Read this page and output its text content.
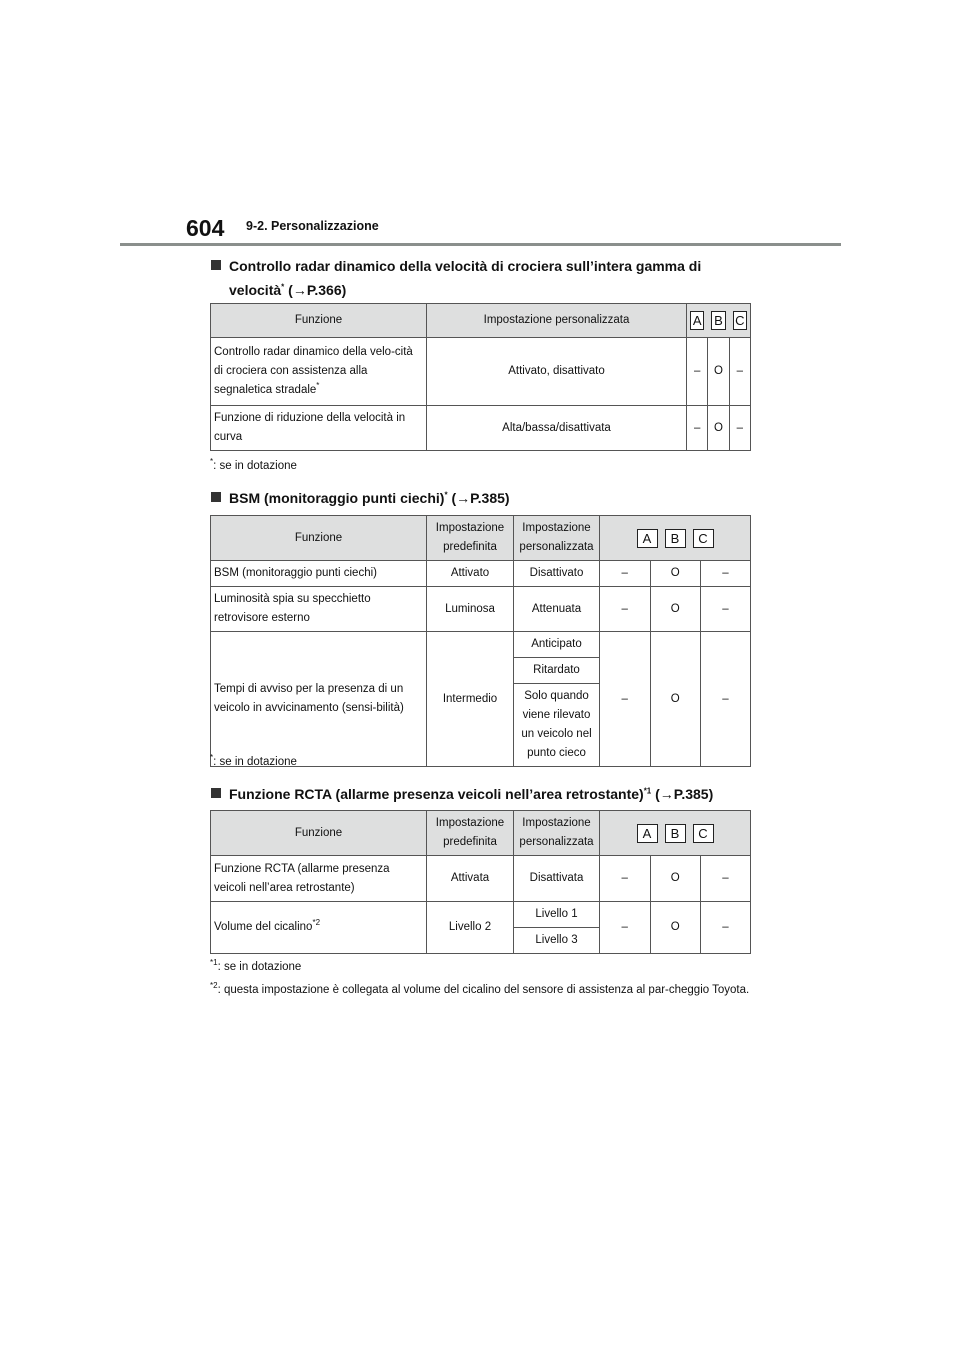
604 9-2. Personalizzazione
Controllo radar dinamico della velocità di crociera sull’intera gamma di
velocità* (→P.366)
Funzione	Impostazione personalizzata	A B C		

Controllo radar dinamico della velo-cità di crociera con assistenza alla segnaletica stradale*	Attivato, disattivato	–	O	–
Funzione di riduzione della velocità in curva	Alta/bassa/disattivata	–	O	–
*: se in dotazione
BSM (monitoraggio punti ciechi)* (→P.385)
Funzione	Impostazione predefinita	Impostazione personalizzata	A B C		

BSM (monitoraggio punti ciechi)	Attivato	Disattivato	–	O	–
Luminosità spia su specchietto retrovisore esterno	Luminosa	Attenuata	–	O	–
Tempi di avviso per la presenza di un veicolo in avvicinamento (sensi-bilità)	Intermedio	Anticipato	–	O	–
		Ritardato			
		Solo quando viene rilevato un veicolo nel punto cieco			
*: se in dotazione
Funzione RCTA (allarme presenza veicoli nell’area retrostante)$^{*1}$ (→P.385)
Funzione	Impostazione predefinita	Impostazione personalizzata	A B C		

Funzione RCTA (allarme presenza veicoli nell’area retrostante)	Attivata	Disattivata	–	O	–
Volume del cicalino$^{*2}$	Livello 2	Livello 1	–	O	–
		Livello 3			
$^{*1}$: se in dotazione
$^{*2}$: questa impostazione è collegata al volume del cicalino del sensore di assistenza al par-cheggio Toyota.
